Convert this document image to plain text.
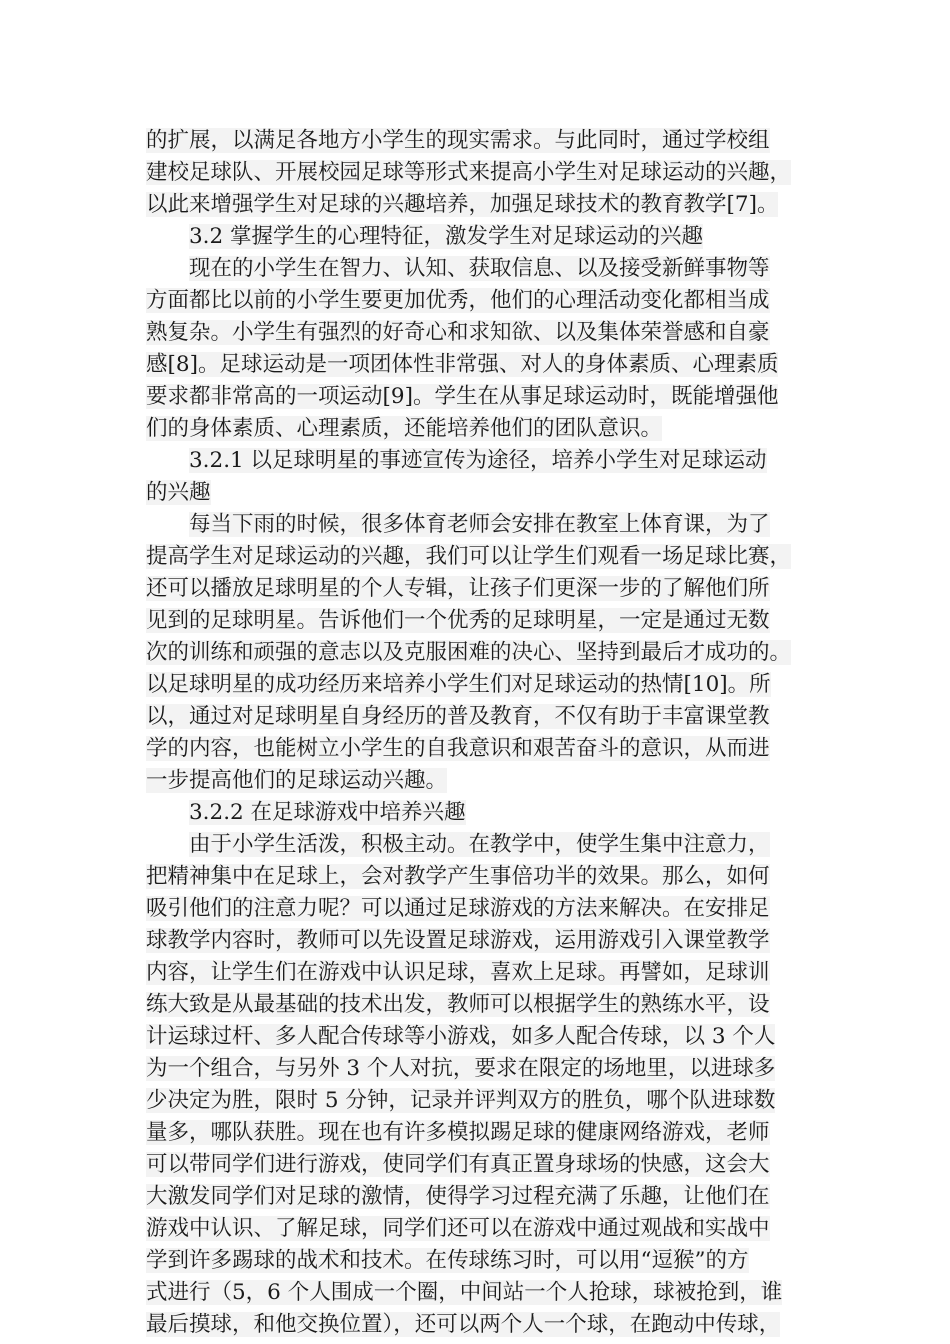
的扩展，以满足各地方小学生的现实需求。与此同时，通过学校组
建校足球队、开展校园足球等形式来提高小学生对足球运动的兴趣，
以此来增强学生对足球的兴趣培养，加强足球技术的教育教学[7]。
3.2 掌握学生的心理特征，激发学生对足球运动的兴趣
现在的小学生在智力、认知、获取信息、以及接受新鲜事物等
方面都比以前的小学生要更加优秀，他们的心理活动变化都相当成
熟复杂。小学生有强烈的好奇心和求知欲、以及集体荣誉感和自豪
感[8]。足球运动是一项团体性非常强、对人的身体素质、心理素质
要求都非常高的一项运动[9]。学生在从事足球运动时，既能增强他
们的身体素质、心理素质，还能培养他们的团队意识。
3.2.1 以足球明星的事迹宣传为途径，培养小学生对足球运动
的兴趣
每当下雨的时候，很多体育老师会安排在教室上体育课，为了
提高学生对足球运动的兴趣，我们可以让学生们观看一场足球比赛，
还可以播放足球明星的个人专辑，让孩子们更深一步的了解他们所
见到的足球明星。告诉他们一个优秀的足球明星，一定是通过无数
次的训练和顽强的意志以及克服困难的决心、坚持到最后才成功的。
以足球明星的成功经历来培养小学生们对足球运动的热情[10]。所
以，通过对足球明星自身经历的普及教育，不仅有助于丰富课堂教
学的内容，也能树立小学生的自我意识和艰苦奋斗的意识，从而进
一步提高他们的足球运动兴趣。
3.2.2 在足球游戏中培养兴趣
由于小学生活泼，积极主动。在教学中，使学生集中注意力，
把精神集中在足球上，会对教学产生事倍功半的效果。那么，如何
吸引他们的注意力呢？可以通过足球游戏的方法来解决。在安排足
球教学内容时，教师可以先设置足球游戏，运用游戏引入课堂教学
内容，让学生们在游戏中认识足球，喜欢上足球。再譬如，足球训
练大致是从最基础的技术出发，教师可以根据学生的熟练水平，设
计运球过杆、多人配合传球等小游戏，如多人配合传球，以 3 个人
为一个组合，与另外 3 个人对抗，要求在限定的场地里，以进球多
少决定为胜，限时 5 分钟，记录并评判双方的胜负，哪个队进球数
量多，哪队获胜。现在也有许多模拟踢足球的健康网络游戏，老师
可以带同学们进行游戏，使同学们有真正置身球场的快感，这会大
大激发同学们对足球的激情，使得学习过程充满了乐趣，让他们在
游戏中认识、了解足球，同学们还可以在游戏中通过观战和实战中
学到许多踢球的战术和技术。在传球练习时，可以用“逗猴”的方
式进行（5，6 个人围成一个圈，中间站一个人抢球，球被抢到，谁
最后摸球，和他交换位置），还可以两个人一个球，在跑动中传球，
